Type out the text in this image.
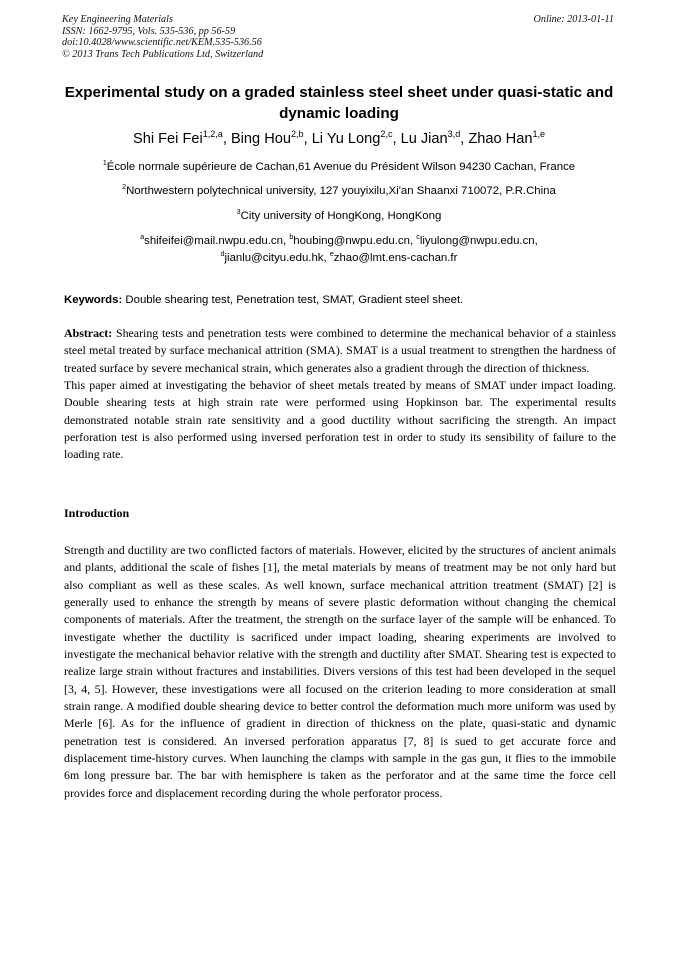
Key Engineering Materials
ISSN: 1662-9795, Vols. 535-536, pp 56-59
doi:10.4028/www.scientific.net/KEM.535-536.56
© 2013 Trans Tech Publications Ltd, Switzerland
Online: 2013-01-11
Experimental study on a graded stainless steel sheet under quasi-static and dynamic loading
Shi Fei Fei$^{1,2,a}$, Bing Hou$^{2,b}$, Li Yu Long$^{2,c}$, Lu Jian$^{3,d}$, Zhao Han$^{1,e}$
$^1$École normale supérieure de Cachan,61 Avenue du Président Wilson 94230 Cachan, France
$^2$Northwestern polytechnical university, 127 youyixilu,Xi'an Shaanxi 710072, P.R.China
$^3$City university of HongKong, HongKong
$^a$shifeifei@mail.nwpu.edu.cn, $^b$houbing@nwpu.edu.cn, $^c$liyulong@nwpu.edu.cn,
$^d$jianlu@cityu.edu.hk, $^e$zhao@lmt.ens-cachan.fr
Keywords: Double shearing test, Penetration test, SMAT, Gradient steel sheet.

Abstract: Shearing tests and penetration tests were combined to determine the mechanical behavior of a stainless steel metal treated by surface mechanical attrition (SMA). SMAT is a usual treatment to strengthen the hardness of treated surface by severe mechanical strain, which generates also a gradient through the direction of thickness.

This paper aimed at investigating the behavior of sheet metals treated by means of SMAT under impact loading. Double shearing tests at high strain rate were performed using Hopkinson bar. The experimental results demonstrated notable strain rate sensitivity and a good ductility without sacrificing the strength. An impact perforation test is also performed using inversed perforation test in order to study its sensibility of failure to the loading rate.

Introduction

Strength and ductility are two conflicted factors of materials. However, elicited by the structures of ancient animals and plants, additional the scale of fishes [1], the metal materials by means of treatment may be not only hard but also compliant as well as these scales. As well known, surface mechanical attrition treatment (SMAT) [2] is generally used to enhance the strength by means of severe plastic deformation without changing the chemical components of materials. After the treatment, the strength on the surface layer of the sample will be enhanced. To investigate whether the ductility is sacrificed under impact loading, shearing experiments are involved to investigate the mechanical behavior relative with the strength and ductility after SMAT. Shearing test is expected to realize large strain without fractures and instabilities. Divers versions of this test had been developed in the sequel [3, 4, 5]. However, these investigations were all focused on the criterion leading to more consideration at small strain range. A modified double shearing device to better control the deformation much more uniform was used by Merle [6]. As for the influence of gradient in direction of thickness on the plate, quasi-static and dynamic penetration test is considered. An inversed perforation apparatus [7, 8] is sued to get accurate force and displacement time-history curves. When launching the clamps with sample in the gas gun, it flies to the immobile 6m long pressure bar. The bar with hemisphere is taken as the perforator and at the same time the force cell provides force and displacement recording during the whole perforator process.
